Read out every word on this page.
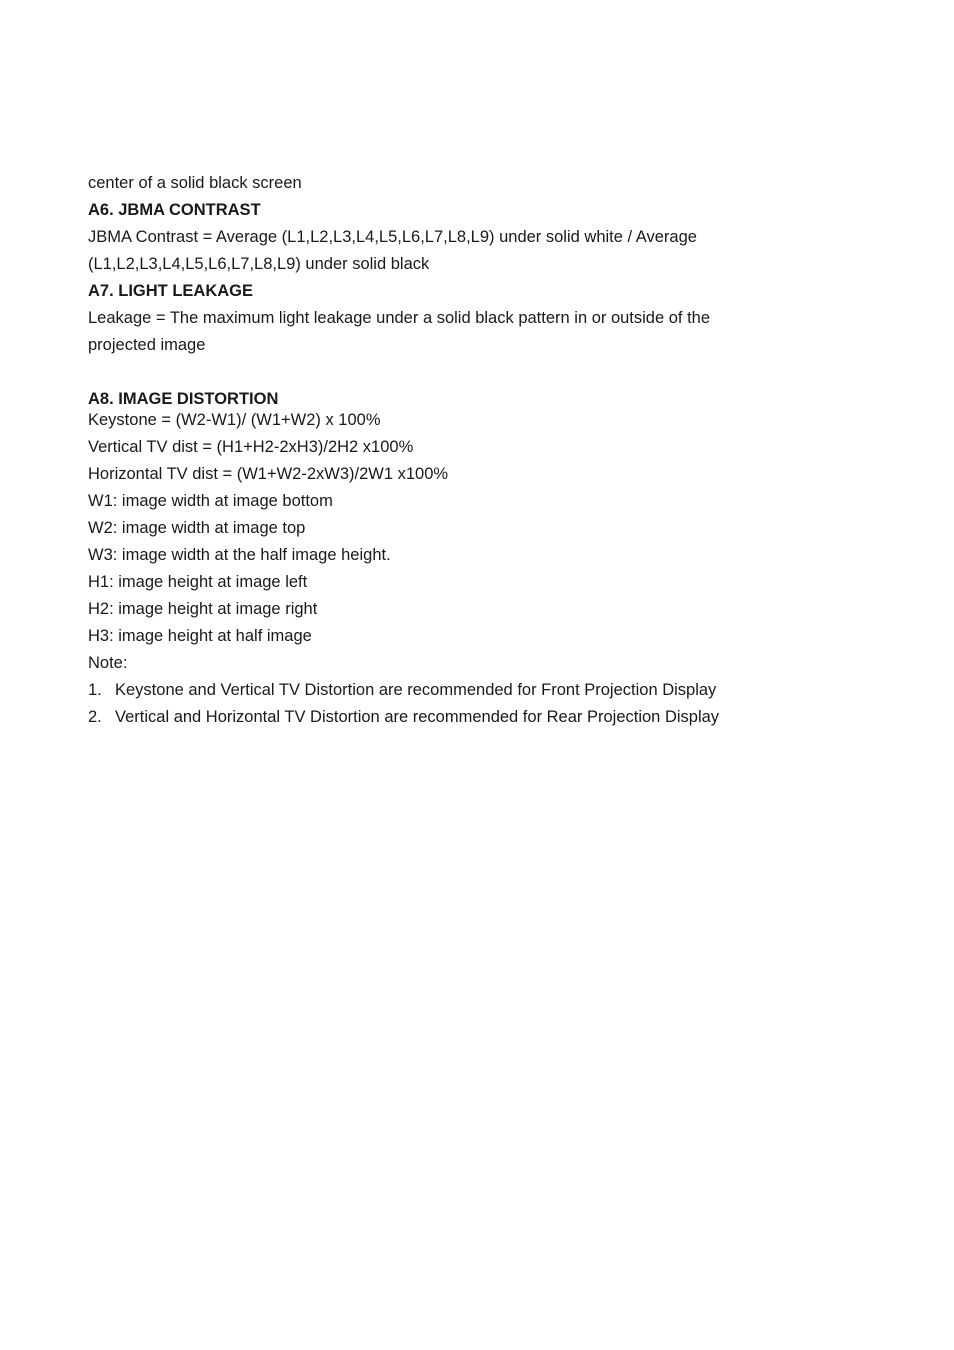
center of a solid black screen
A6. JBMA CONTRAST
JBMA Contrast = Average (L1,L2,L3,L4,L5,L6,L7,L8,L9) under solid white / Average
(L1,L2,L3,L4,L5,L6,L7,L8,L9) under solid black
A7. LIGHT LEAKAGE
Leakage = The maximum light leakage under a solid black pattern in or outside of the
projected image
A8. IMAGE DISTORTION
Keystone = (W2-W1)/ (W1+W2) x 100%
Vertical TV dist = (H1+H2-2xH3)/2H2 x100%
Horizontal TV dist = (W1+W2-2xW3)/2W1 x100%
W1: image width at image bottom
W2: image width at image top
W3: image width at the half image height.
H1: image height at image left
H2: image height at image right
H3: image height at half image
Note:
1. Keystone and Vertical TV Distortion are recommended for Front Projection Display
2. Vertical and Horizontal TV Distortion are recommended for Rear Projection Display
